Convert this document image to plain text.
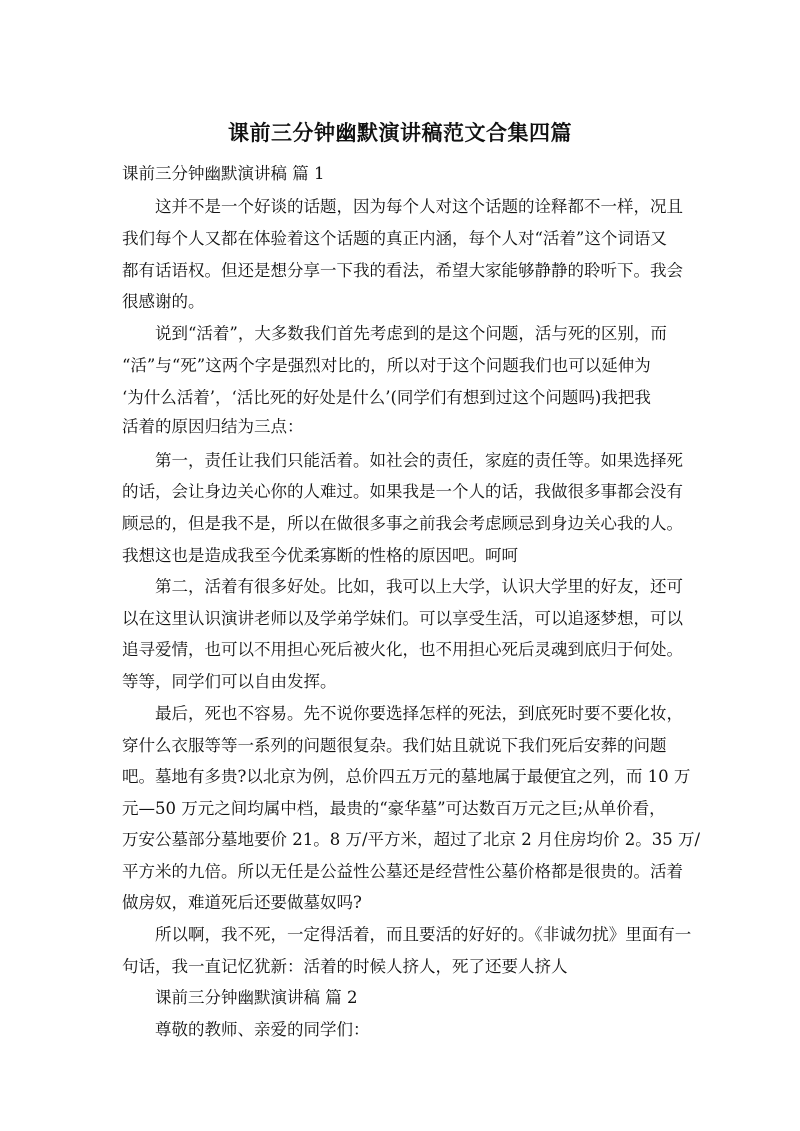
课前三分钟幽默演讲稿范文合集四篇
课前三分钟幽默演讲稿 篇 1
这并不是一个好谈的话题，因为每个人对这个话题的诠释都不一样，况且
我们每个人又都在体验着这个话题的真正内涵，每个人对“活着”这个词语又
都有话语权。但还是想分享一下我的看法，希望大家能够静静的聆听下。我会
很感谢的。
说到“活着”，大多数我们首先考虑到的是这个问题，活与死的区别，而
“活”与“死”这两个字是强烈对比的，所以对于这个问题我们也可以延伸为
‘为什么活着’，‘活比死的好处是什么’(同学们有想到过这个问题吗)我把我
活着的原因归结为三点：
第一，责任让我们只能活着。如社会的责任，家庭的责任等。如果选择死
的话，会让身边关心你的人难过。如果我是一个人的话，我做很多事都会没有
顾忌的，但是我不是，所以在做很多事之前我会考虑顾忌到身边关心我的人。
我想这也是造成我至今优柔寡断的性格的原因吧。呵呵
第二，活着有很多好处。比如，我可以上大学，认识大学里的好友，还可
以在这里认识演讲老师以及学弟学妹们。可以享受生活，可以追逐梦想，可以
追寻爱情，也可以不用担心死后被火化，也不用担心死后灵魂到底归于何处。
等等，同学们可以自由发挥。
最后，死也不容易。先不说你要选择怎样的死法，到底死时要不要化妆，
穿什么衣服等等一系列的问题很复杂。我们姑且就说下我们死后安葬的问题
吧。墓地有多贵?以北京为例，总价四五万元的墓地属于最便宜之列，而 10 万
元—50 万元之间均属中档，最贵的“豪华墓”可达数百万元之巨;从单价看，
万安公墓部分墓地要价 21。8 万/平方米，超过了北京 2 月住房均价 2。35 万/
平方米的九倍。所以无任是公益性公墓还是经营性公墓价格都是很贵的。活着
做房奴，难道死后还要做墓奴吗?
所以啊，我不死，一定得活着，而且要活的好好的。《非诚勿扰》里面有一
句话，我一直记忆犹新：活着的时候人挤人，死了还要人挤人
课前三分钟幽默演讲稿 篇 2
尊敬的教师、亲爱的同学们：
